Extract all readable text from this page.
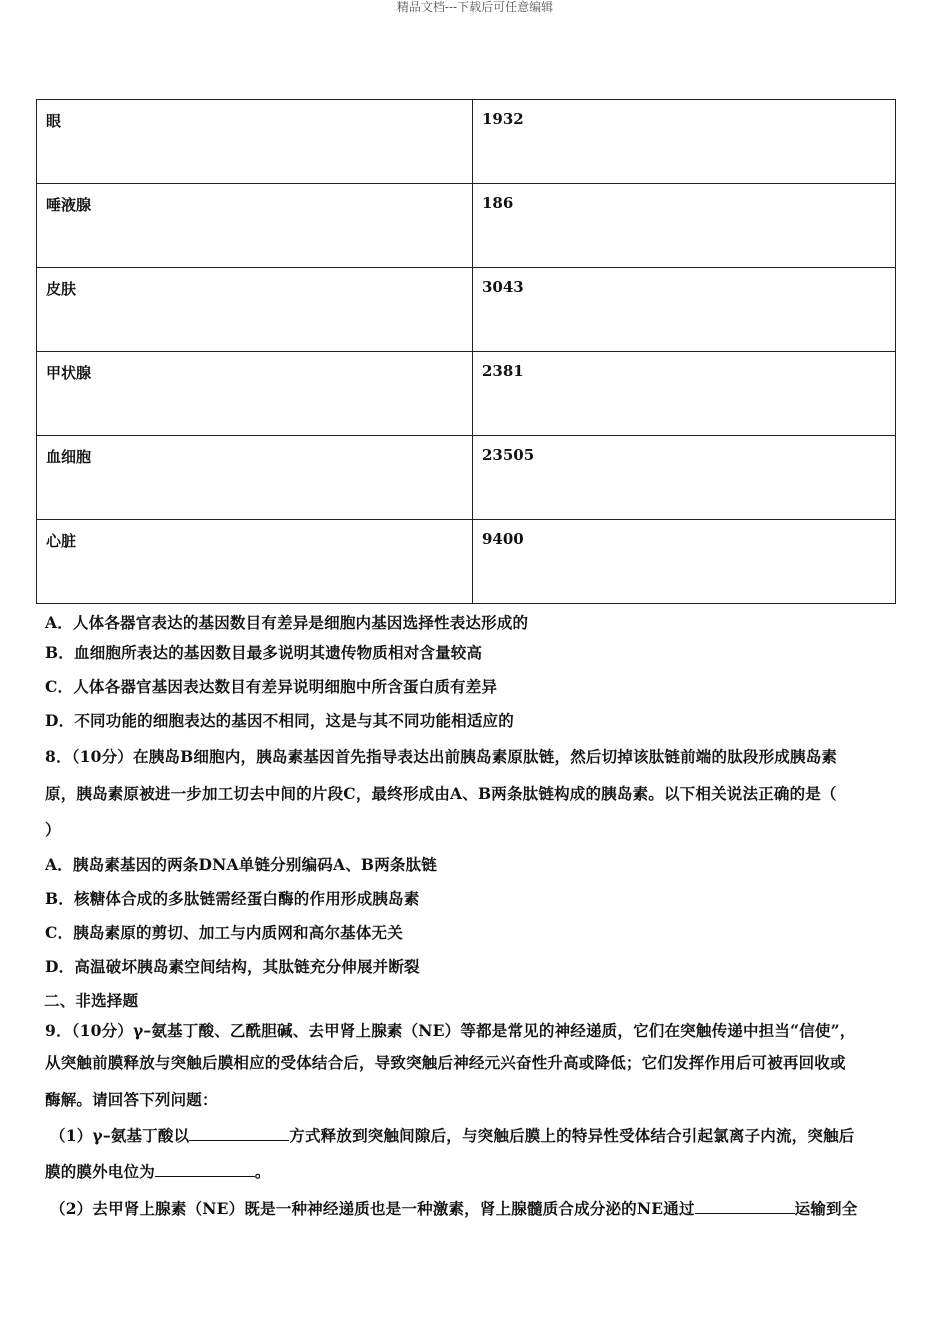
精品文档---下载后可任意编辑
眼	1932
唾液腺	186
皮肤	3043
甲状腺	2381
血细胞	23505
心脏	9400
A．人体各器官表达的基因数目有差异是细胞内基因选择性表达形成的
B．血细胞所表达的基因数目最多说明其遗传物质相对含量较高
C．人体各器官基因表达数目有差异说明细胞中所含蛋白质有差异
D．不同功能的细胞表达的基因不相同，这是与其不同功能相适应的
8．（10分）在胰岛B细胞内，胰岛素基因首先指导表达出前胰岛素原肽链，然后切掉该肽链前端的肽段形成胰岛素
原，胰岛素原被进一步加工切去中间的片段C，最终形成由A、B两条肽链构成的胰岛素。以下相关说法正确的是（
）
A．胰岛素基因的两条DNA单链分别编码A、B两条肽链
B．核糖体合成的多肽链需经蛋白酶的作用形成胰岛素
C．胰岛素原的剪切、加工与内质网和高尔基体无关
D．高温破坏胰岛素空间结构，其肽链充分伸展并断裂
二、非选择题
9．（10分）γ–氨基丁酸、乙酰胆碱、去甲肾上腺素（NE）等都是常见的神经递质，它们在突触传递中担当“信使”，
从突触前膜释放与突触后膜相应的受体结合后，导致突触后神经元兴奋性升高或降低；它们发挥作用后可被再回收或
酶解。请回答下列问题：
（1）γ–氨基丁酸以	方式释放到突触间隙后，与突触后膜上的特异性受体结合引起氯离子内流，突触后
膜的膜外电位为	。
（2）去甲肾上腺素（NE）既是一种神经递质也是一种激素，肾上腺髓质合成分泌的NE通过	运输到全
